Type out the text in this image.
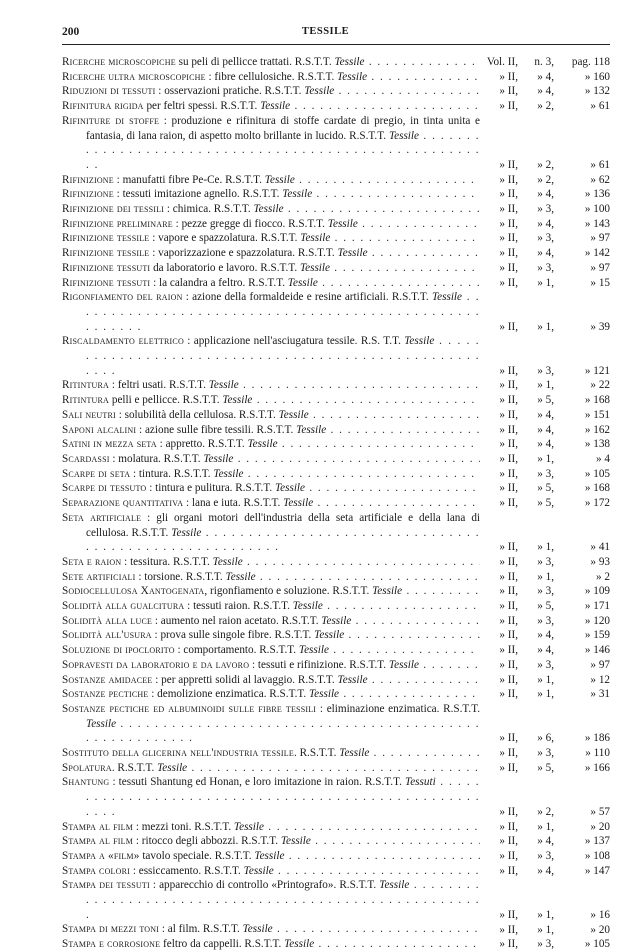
200	TESSILE
Ricerche microscopiche su peli di pellicce trattati. R.S.T.T. Tessile . . .	Vol. II,	n. 3,	pag. 118
Ricerche ultra microscopiche : fibre cellulosiche. R.S.T.T. Tessile . . .	» II,	» 4,	» 160
Riduzioni di tessuti : osservazioni pratiche. R.S.T.T. Tessile . . .	» II,	» 4,	» 132
Rifinitura rigida per feltri spessi. R.S.T.T. Tessile . . .	» II,	» 2,	» 61
Rifiniture di stoffe : produzione e rifinitura di stoffe cardate di pregio, in tinta unita e fantasia, di lana raion, di aspetto molto brillante in lucido. R.S.T.T. Tessile . . .
» II,	» 2,	» 61
Rifinizione : manufatti fibre Pe-Ce. R.S.T.T. Tessile . . .	» II,	» 2,	» 62
Rifinizione : tessuti imitazione agnello. R.S.T.T. Tessile . . .	» II,	» 4,	» 136
Rifinizione dei tessili : chimica. R.S.T.T. Tessile . . .	» II,	» 3,	» 100
Rifinizione preliminare : pezze gregge di fiocco. R.S.T.T. Tessile . . .	» II,	» 4,	» 143
Rifinizione tessile : vapore e spazzolatura. R.S.T.T. Tessile . . .	» II,	» 3,	» 97
Rifinizione tessile : vaporizzazione e spazzolatura. R.S.T.T. Tessile . . .	» II,	» 4,	» 142
Rifinizione tessuti da laboratorio e lavoro. R.S.T.T. Tessile . . .	» II,	» 3,	» 97
Rifinizione tessuti : la calandra a feltro. R.S.T.T. Tessile . . .	» II,	» 1,	» 15
Rigonfiamento del raion : azione della formaldeide e resine artificiali. R.S.T.T. Tessile . . .
» II,	» 1,	» 39
Riscaldamento elettrico : applicazione nell'asciugatura tessile. R.S. T.T. Tessile . . .
» II,	» 3,	» 121
Ritintura : feltri usati. R.S.T.T. Tessile . . .	» II,	» 1,	» 22
Ritintura pelli e pellicce. R.S.T.T. Tessile . . .	» II,	» 5,	» 168
Sali neutri : solubilità della cellulosa. R.S.T.T. Tessile . . .	» II,	» 4,	» 151
Saponi alcalini : azione sulle fibre tessili. R.S.T.T. Tessile . . .	» II,	» 4,	» 162
Satini in mezza seta : appretto. R.S.T.T. Tessile . . .	» II,	» 4,	» 138
Scardassi : molatura. R.S.T.T. Tessile . . .	» II,	» 1,	» 4
Scarpe di seta : tintura. R.S.T.T. Tessile . . .	» II,	» 3,	» 105
Scarpe di tessuto : tintura e pulitura. R.S.T.T. Tessile . . .	» II,	» 5,	» 168
Separazione quantitativa : lana e iuta. R.S.T.T. Tessile . . .	» II,	» 5,	» 172
Seta artificiale : gli organi motori dell'industria della seta artificiale e della lana di cellulosa. R.S.T.T. Tessile . . .
» II,	» 1,	» 41
Seta e raion : tessitura. R.S.T.T. Tessile . . .	» II,	» 3,	» 93
Sete artificiali : torsione. R.S.T.T. Tessile . . .	» II,	» 1,	» 2
Sodiocellulosa Xantogenata, rigonfiamento e soluzione. R.S.T.T. Tessile . . .	» II,	» 3,	» 109
Solidità alla gualcitura : tessuti raion. R.S.T.T. Tessile . . .	» II,	» 5,	» 171
Solidità alla luce : aumento nel raion acetato. R.S.T.T. Tessile . . .	» II,	» 3,	» 120
Solidità all'usura : prova sulle singole fibre. R.S.T.T. Tessile . . .	» II,	» 4,	» 159
Soluzione di ipoclorito : comportamento. R.S.T.T. Tessile . . .	» II,	» 4,	» 146
Sopravesti da laboratorio e da lavoro : tessuti e rifinizione. R.S.T.T. Tessile . . .	» II,	» 3,	» 97
Sostanze amidacee : per appretti solidi al lavaggio. R.S.T.T. Tessile . . .	» II,	» 1,	» 12
Sostanze pectiche : demolizione enzimatica. R.S.T.T. Tessile . . .	» II,	» 1,	» 31
Sostanze pectiche ed albuminoidi sulle fibre tessili : eliminazione enzimatica. R.S.T.T. Tessile . . .
» II,	» 6,	» 186
Sostituto della glicerina nell'industria tessile. R.S.T.T. Tessile . . .	» II,	» 3,	» 110
Spolatura. R.S.T.T. Tessile . . .	» II,	» 5,	» 166
Shantung : tessuti Shantung ed Honan, e loro imitazione in raion. R.S.T.T. Tessuti . . .
» II,	» 2,	» 57
Stampa al film : mezzi toni. R.S.T.T. Tessile . . .	» II,	» 1,	» 20
Stampa al film : ritocco degli abbozzi. R.S.T.T. Tessile . . .	» II,	» 4,	» 137
Stampa a «film» tavolo speciale. R.S.T.T. Tessile . . .	» II,	» 3,	» 108
Stampa colori : essiccamento. R.S.T.T. Tessile . . .	» II,	» 4,	» 147
Stampa dei tessuti : apparecchio di controllo «Printografo». R.S.T.T. Tessile . . .
» II,	» 1,	» 16
Stampa di mezzi toni : al film. R.S.T.T. Tessile . . .	» II,	» 1,	» 20
Stampa e corrosione feltro da cappelli. R.S.T.T. Tessile . . .	» II,	» 3,	» 105
